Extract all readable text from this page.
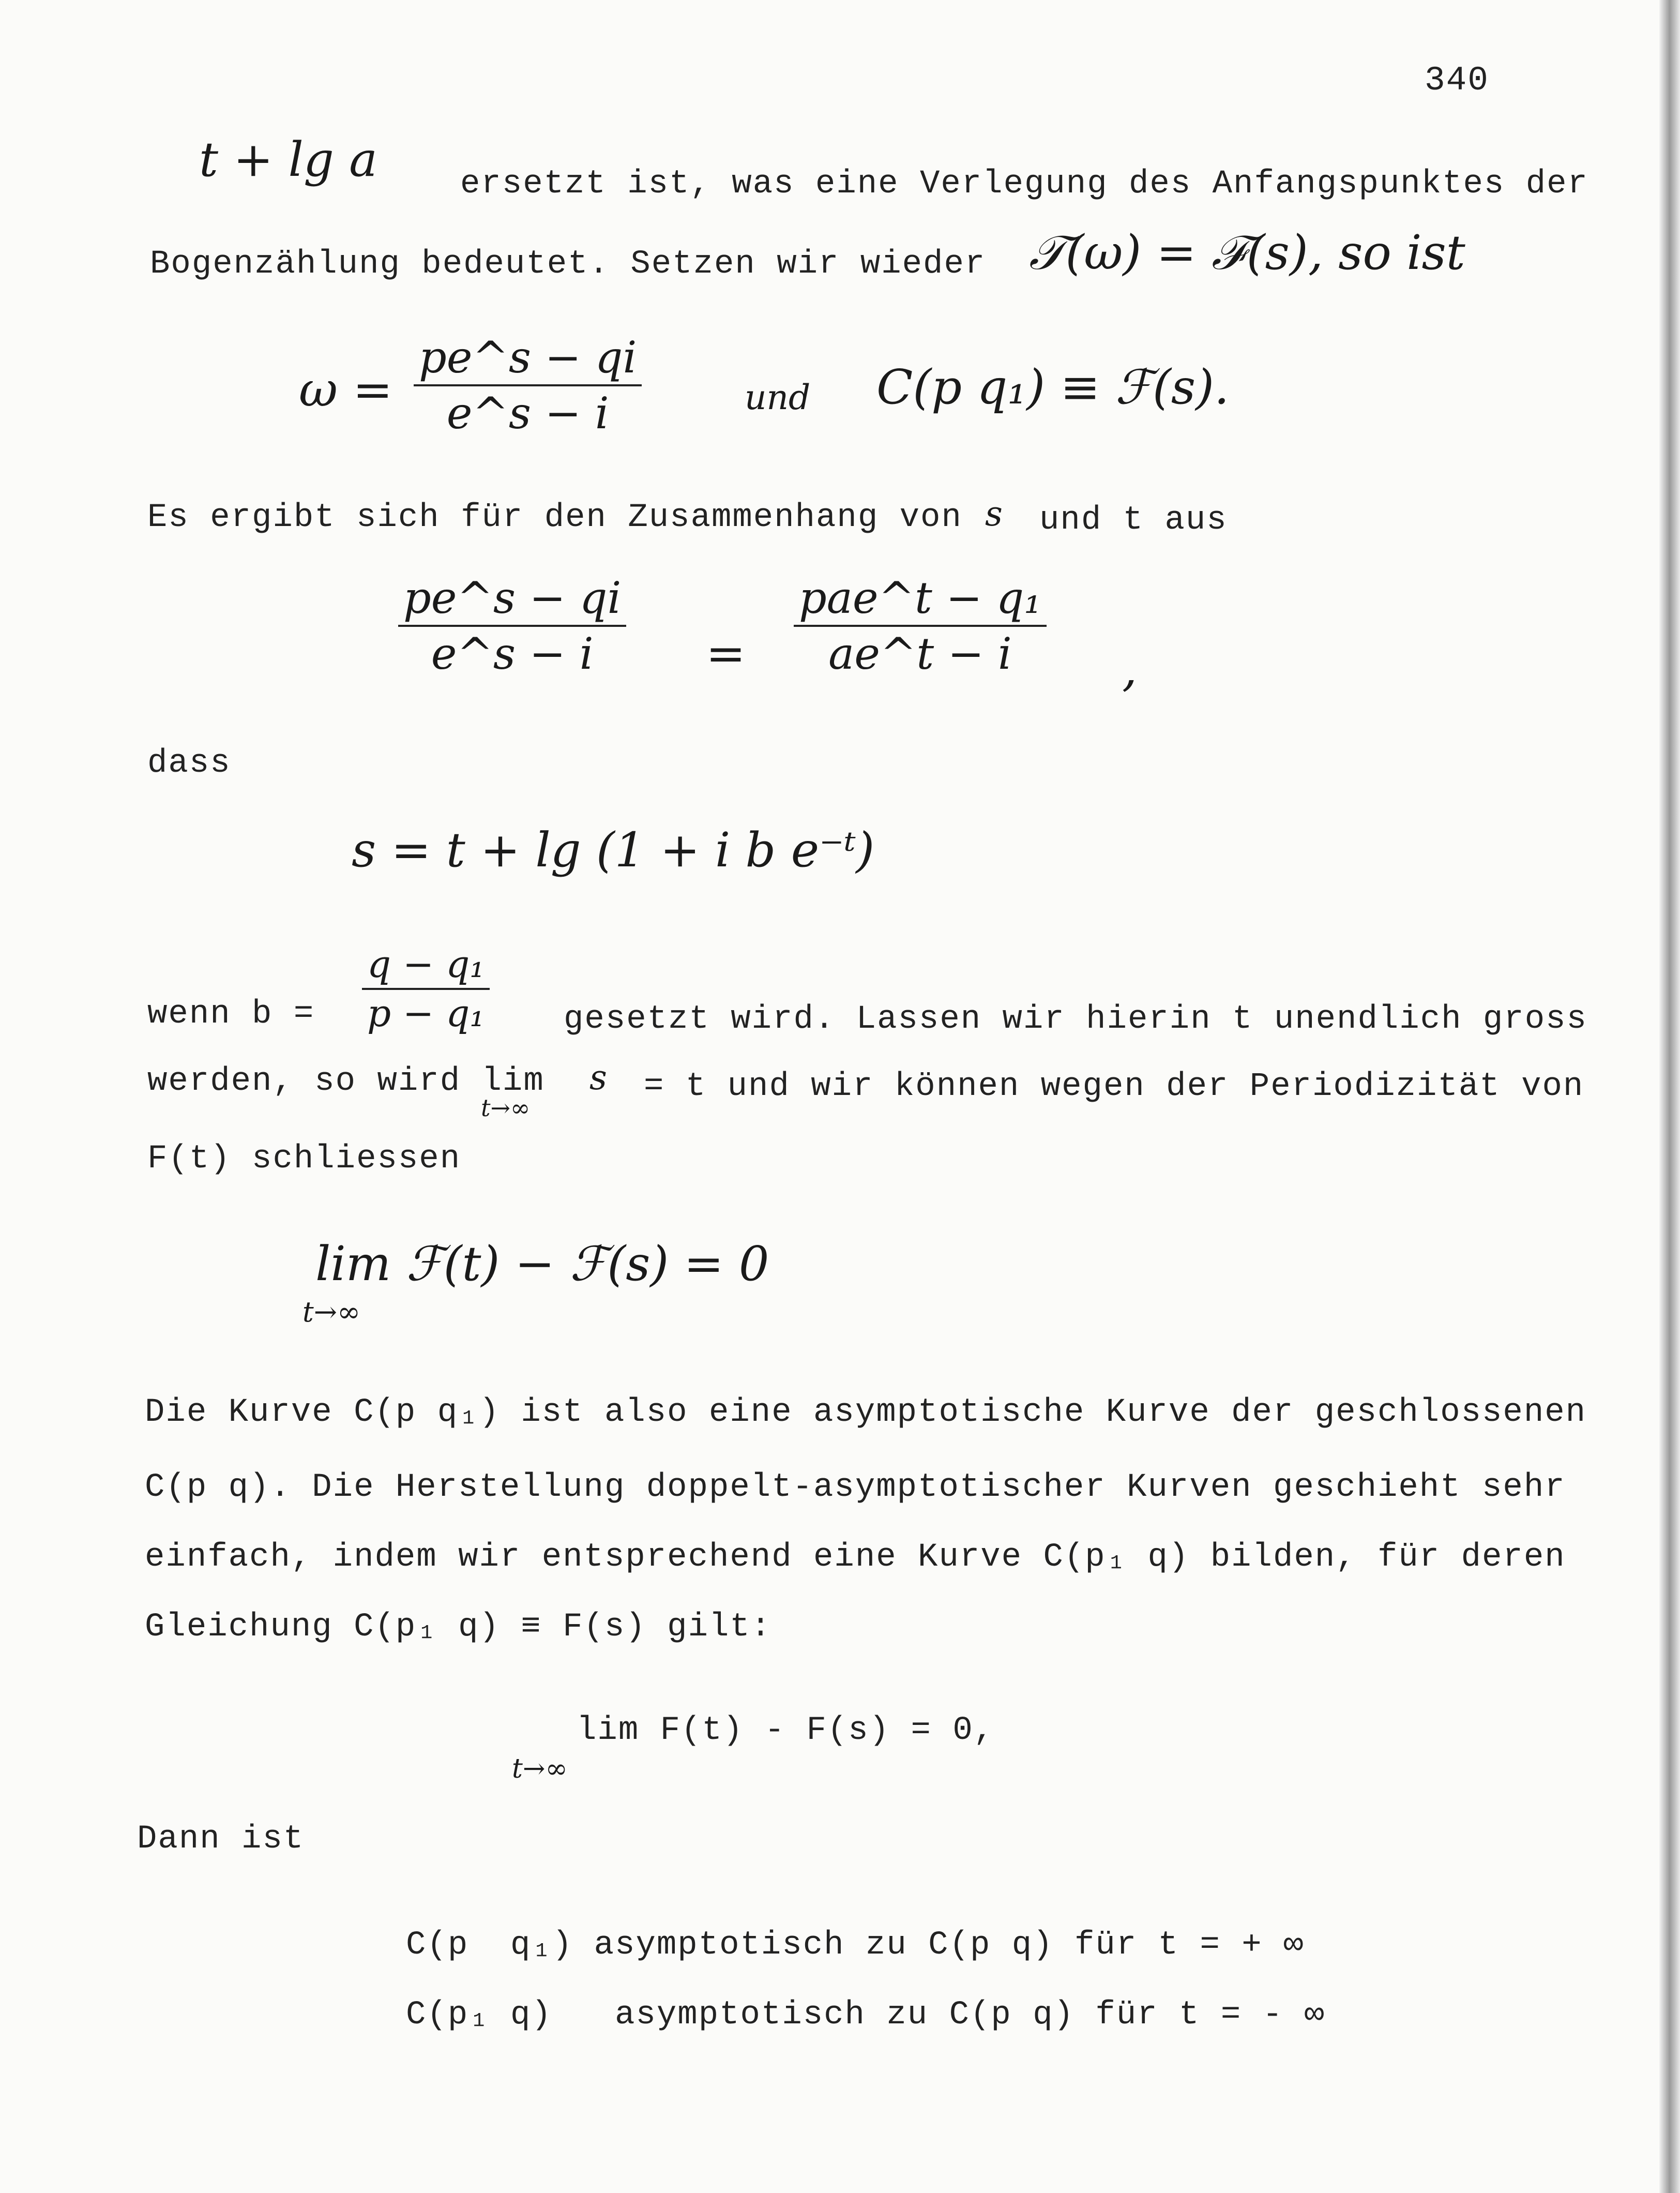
340
t + lg a	ersetzt ist, was eine Verlegung des Anfangspunktes der
Bogenzählung bedeutet. Setzen wir wieder 𝒯(ω) = ℱ(s), so ist
ω =
pe^s − qi
e^s − i	und C(p q₁) ≡ ℱ(s).
Es ergibt sich für den Zusammenhang von s und t aus
pe^s − qi
e^s − i =
pae^t − q₁
ae^t − i ,
dass
s = t + lg (1 + i b e⁻ᵗ)
wenn b =
q − q₁
p − q₁ gesetzt wird. Lassen wir hierin t unendlich gross
werden, so wird lim s = t und wir können wegen der Periodizität von
t→∞
F(t) schliessen
lim ℱ(t) − ℱ(s) = 0
t→∞
Die Kurve C(p q₁) ist also eine asymptotische Kurve der geschlossenen
C(p q). Die Herstellung doppelt-asymptotischer Kurven geschieht sehr
einfach, indem wir entsprechend eine Kurve C(p₁ q) bilden, für deren
Gleichung C(p₁ q) ≡ F(s) gilt:
lim F(t) - F(s) = 0,
t→∞
Dann ist
C(p  q₁) asymptotisch zu C(p q) für t = + ∞
C(p₁ q)   asymptotisch zu C(p q) für t = - ∞
